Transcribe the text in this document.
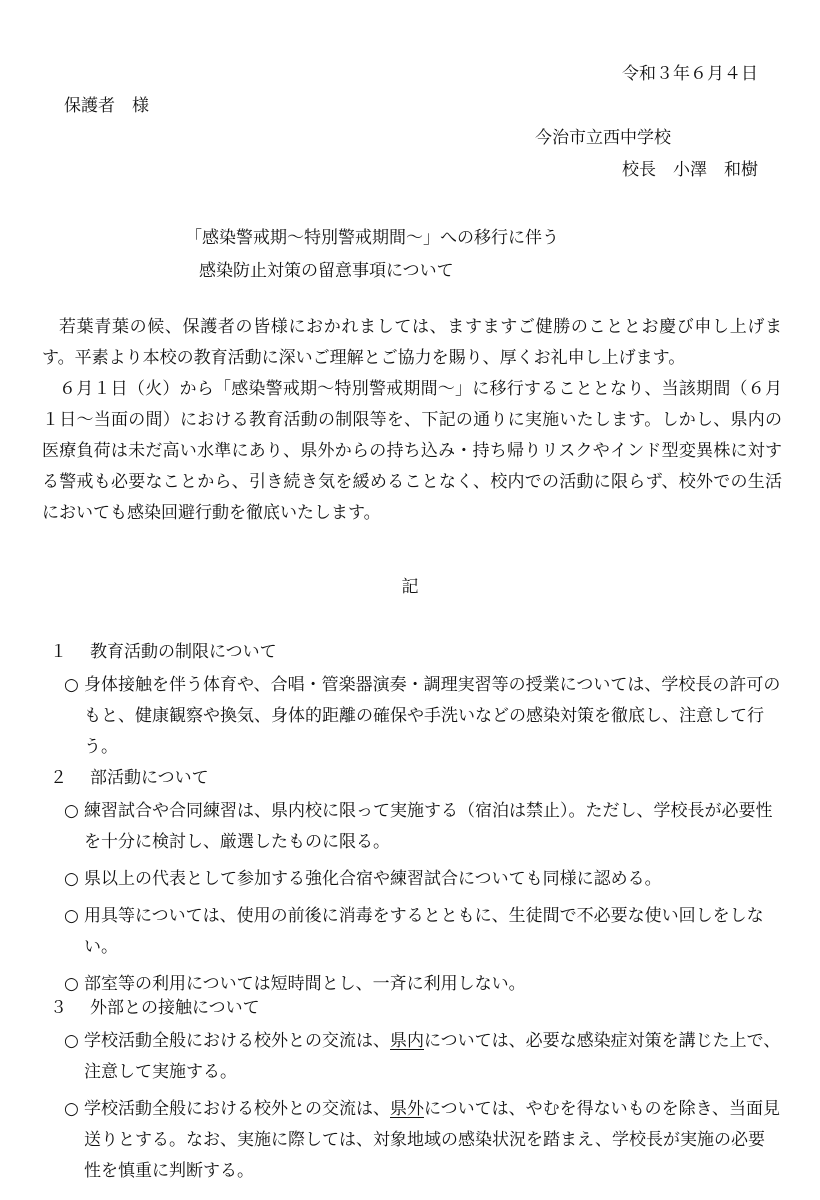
令和３年６月４日
保護者　様
今治市立西中学校
校長　小澤　和樹
「感染警戒期～特別警戒期間～」への移行に伴う
感染防止対策の留意事項について

若葉青葉の候、保護者の皆様におかれましては、ますますご健勝のこととお慶び申し上げます。平素より本校の教育活動に深いご理解とご協力を賜り、厚くお礼申し上げます。

６月１日（火）から「感染警戒期～特別警戒期間～」に移行することとなり、当該期間（６月１日～当面の間）における教育活動の制限等を、下記の通りに実施いたします。しかし、県内の医療負荷は未だ高い水準にあり、県外からの持ち込み・持ち帰りリスクやインド型変異株に対する警戒も必要なことから、引き続き気を緩めることなく、校内での活動に限らず、校外での生活においても感染回避行動を徹底いたします。

記
１ 教育活動の制限について
○ 身体接触を伴う体育や、合唱・管楽器演奏・調理実習等の授業については、学校長の許可のもと、健康観察や換気、身体的距離の確保や手洗いなどの感染対策を徹底し、注意して行う。
２ 部活動について
○ 練習試合や合同練習は、県内校に限って実施する（宿泊は禁止）。ただし、学校長が必要性を十分に検討し、厳選したものに限る。
○ 県以上の代表として参加する強化合宿や練習試合についても同様に認める。
○ 用具等については、使用の前後に消毒をするとともに、生徒間で不必要な使い回しをしない。
○ 部室等の利用については短時間とし、一斉に利用しない。
３ 外部との接触について
○ 学校活動全般における校外との交流は、県内については、必要な感染症対策を講じた上で、注意して実施する。
○ 学校活動全般における校外との交流は、県外については、やむを得ないものを除き、当面見送りとする。なお、実施に際しては、対象地域の感染状況を踏まえ、学校長が実施の必要性を慎重に判断する。
